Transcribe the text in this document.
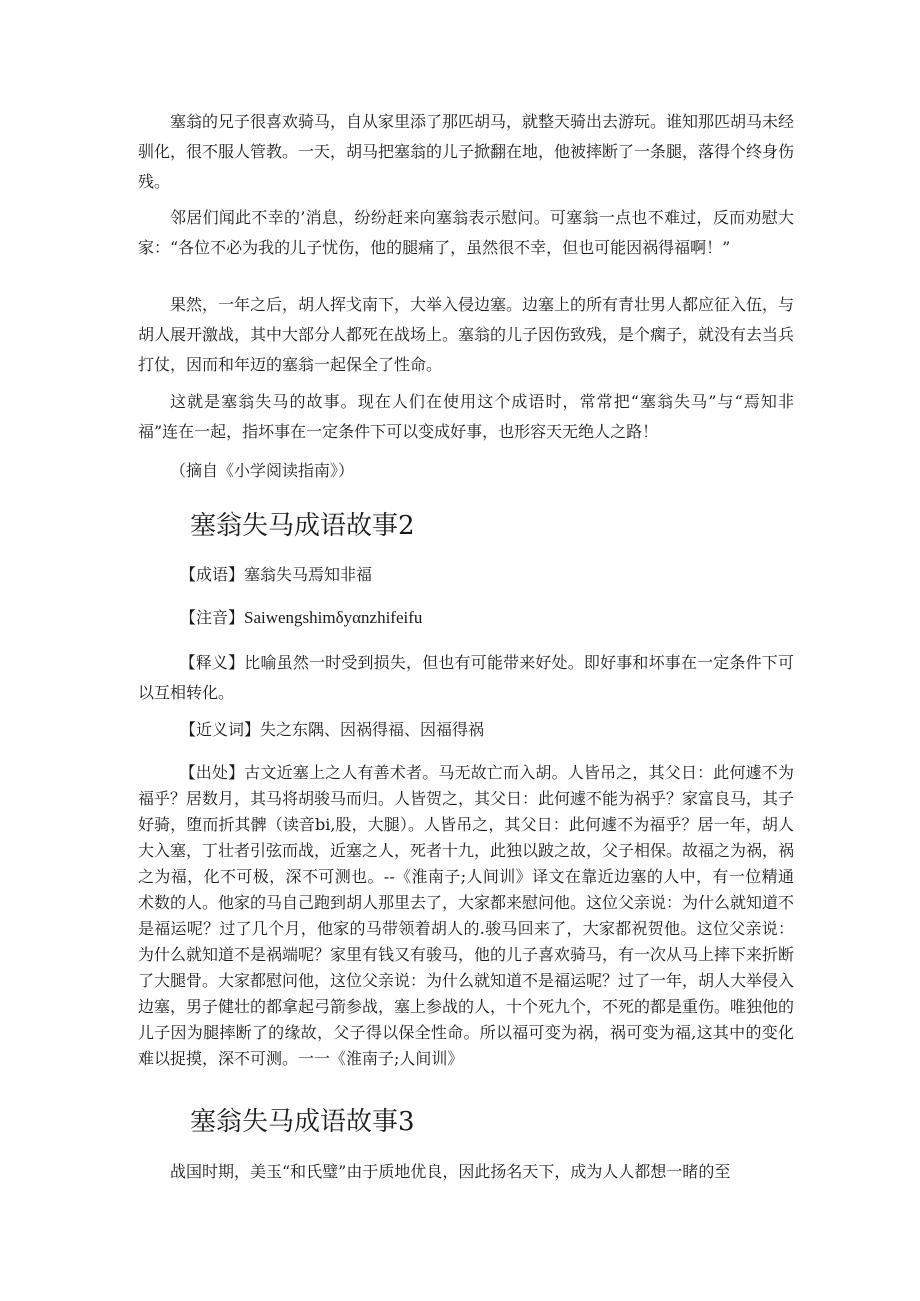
塞翁的兄子很喜欢骑马，自从家里添了那匹胡马，就整天骑出去游玩。谁知那匹胡马未经驯化，很不服人管教。一天，胡马把塞翁的儿子掀翻在地，他被摔断了一条腿，落得个终身伤残。

邻居们闻此不幸的’消息，纷纷赶来向塞翁表示慰问。可塞翁一点也不难过，反而劝慰大家：“各位不必为我的儿子忧伤，他的腿痛了，虽然很不幸，但也可能因祸得福啊！”

果然，一年之后，胡人挥戈南下，大举入侵边塞。边塞上的所有青壮男人都应征入伍，与胡人展开激战，其中大部分人都死在战场上。塞翁的儿子因伤致残，是个瘸子，就没有去当兵打仗，因而和年迈的塞翁一起保全了性命。

这就是塞翁失马的故事。现在人们在使用这个成语时，常常把“塞翁失马”与“焉知非福”连在一起，指坏事在一定条件下可以变成好事，也形容天无绝人之路！

（摘自《小学阅读指南》）

塞翁失马成语故事2

【成语】塞翁失马焉知非福

【注音】Saiwengshimδyαnzhifeifu

【释义】比喻虽然一时受到损失，但也有可能带来好处。即好事和坏事在一定条件下可以互相转化。

【近义词】失之东隅、因祸得福、因福得祸

【出处】古文近塞上之人有善术者。马无故亡而入胡。人皆吊之，其父日：此何遽不为福乎？居数月，其马将胡骏马而归。人皆贺之，其父日：此何遽不能为祸乎？家富良马，其子好骑，堕而折其髀（读音bi,股，大腿）。人皆吊之，其父日：此何遽不为福乎？居一年，胡人大入塞，丁壮者引弦而战，近塞之人，死者十九，此独以跛之故，父子相保。故福之为祸，祸之为福，化不可极，深不可测也。--《淮南子;人间训》译文在靠近边塞的人中，有一位精通术数的人。他家的马自己跑到胡人那里去了，大家都来慰问他。这位父亲说：为什么就知道不是福运呢？过了几个月，他家的马带领着胡人的.骏马回来了，大家都祝贺他。这位父亲说：为什么就知道不是祸端呢？家里有钱又有骏马，他的儿子喜欢骑马，有一次从马上摔下来折断了大腿骨。大家都慰问他，这位父亲说：为什么就知道不是福运呢？过了一年，胡人大举侵入边塞，男子健壮的都拿起弓箭参战，塞上参战的人，十个死九个，不死的都是重伤。唯独他的儿子因为腿摔断了的缘故，父子得以保全性命。所以福可变为祸，祸可变为福,这其中的变化难以捉摸，深不可测。一一《淮南子;人间训》

塞翁失马成语故事3

战国时期，美玉“和氏璧”由于质地优良，因此扬名天下，成为人人都想一睹的至
